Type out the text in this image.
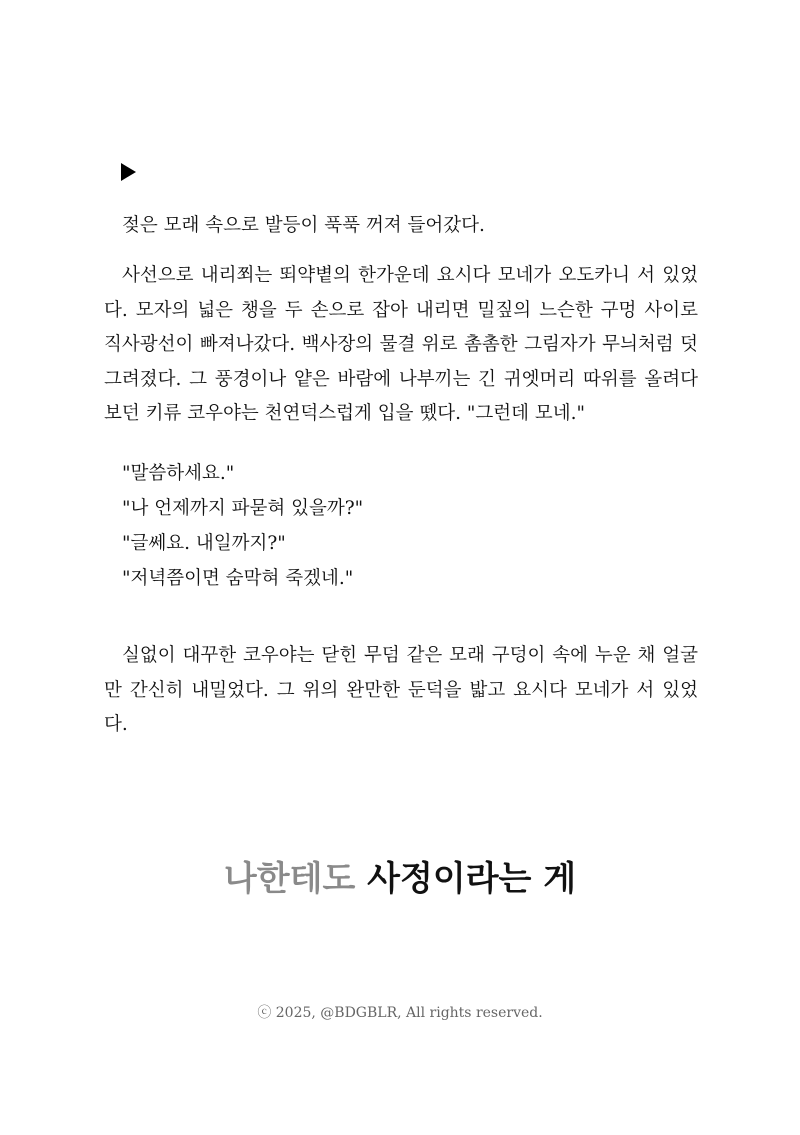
젖은 모래 속으로 발등이 푹푹 꺼져 들어갔다.

사선으로 내리쬐는 뙤약볕의 한가운데 요시다 모네가 오도카니 서 있었다. 모자의 넓은 챙을 두 손으로 잡아 내리면 밀짚의 느슨한 구멍 사이로 직사광선이 빠져나갔다. 백사장의 물결 위로 촘촘한 그림자가 무늬처럼 덧그려졌다. 그 풍경이나 얕은 바람에 나부끼는 긴 귀엣머리 따위를 올려다보던 키류 코우야는 천연덕스럽게 입을 뗐다. "그런데 모네."

"말씀하세요."
"나 언제까지 파묻혀 있을까?"
"글쎄요. 내일까지?"
"저녁쯤이면 숨막혀 죽겠네."

실없이 대꾸한 코우야는 닫힌 무덤 같은 모래 구덩이 속에 누운 채 얼굴만 간신히 내밀었다. 그 위의 완만한 둔덕을 밟고 요시다 모네가 서 있었다.

나한테도 사정이라는 게
ⓒ 2025, @BDGBLR, All rights reserved.
